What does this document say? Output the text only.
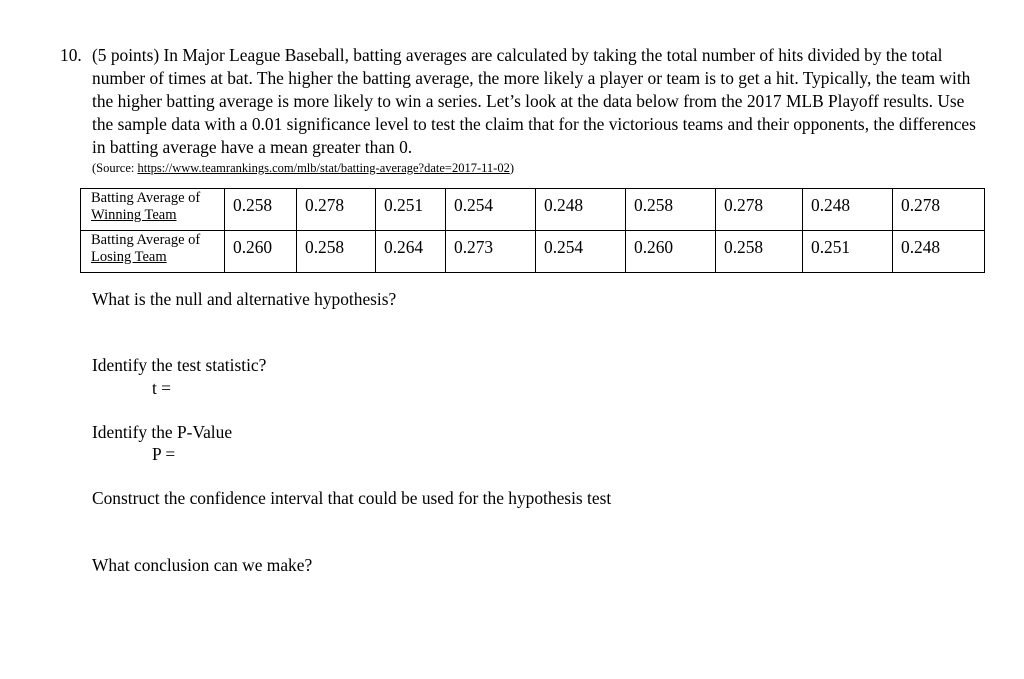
10. (5 points) In Major League Baseball, batting averages are calculated by taking the total number of hits divided by the total number of times at bat. The higher the batting average, the more likely a player or team is to get a hit. Typically, the team with the higher batting average is more likely to win a series. Let’s look at the data below from the 2017 MLB Playoff results. Use the sample data with a 0.01 significance level to test the claim that for the victorious teams and their opponents, the differences in batting average have a mean greater than 0.
(Source: https://www.teamrankings.com/mlb/stat/batting-average?date=2017-11-02)
Batting Average of
Winning Team	0.258	0.278	0.251	0.254	0.248	0.258	0.278	0.248	0.278

Batting Average of
Losing Team	0.260	0.258	0.264	0.273	0.254	0.260	0.258	0.251	0.248
What is the null and alternative hypothesis?
Identify the test statistic?
t =
Identify the P-Value
P =
Construct the confidence interval that could be used for the hypothesis test
What conclusion can we make?
